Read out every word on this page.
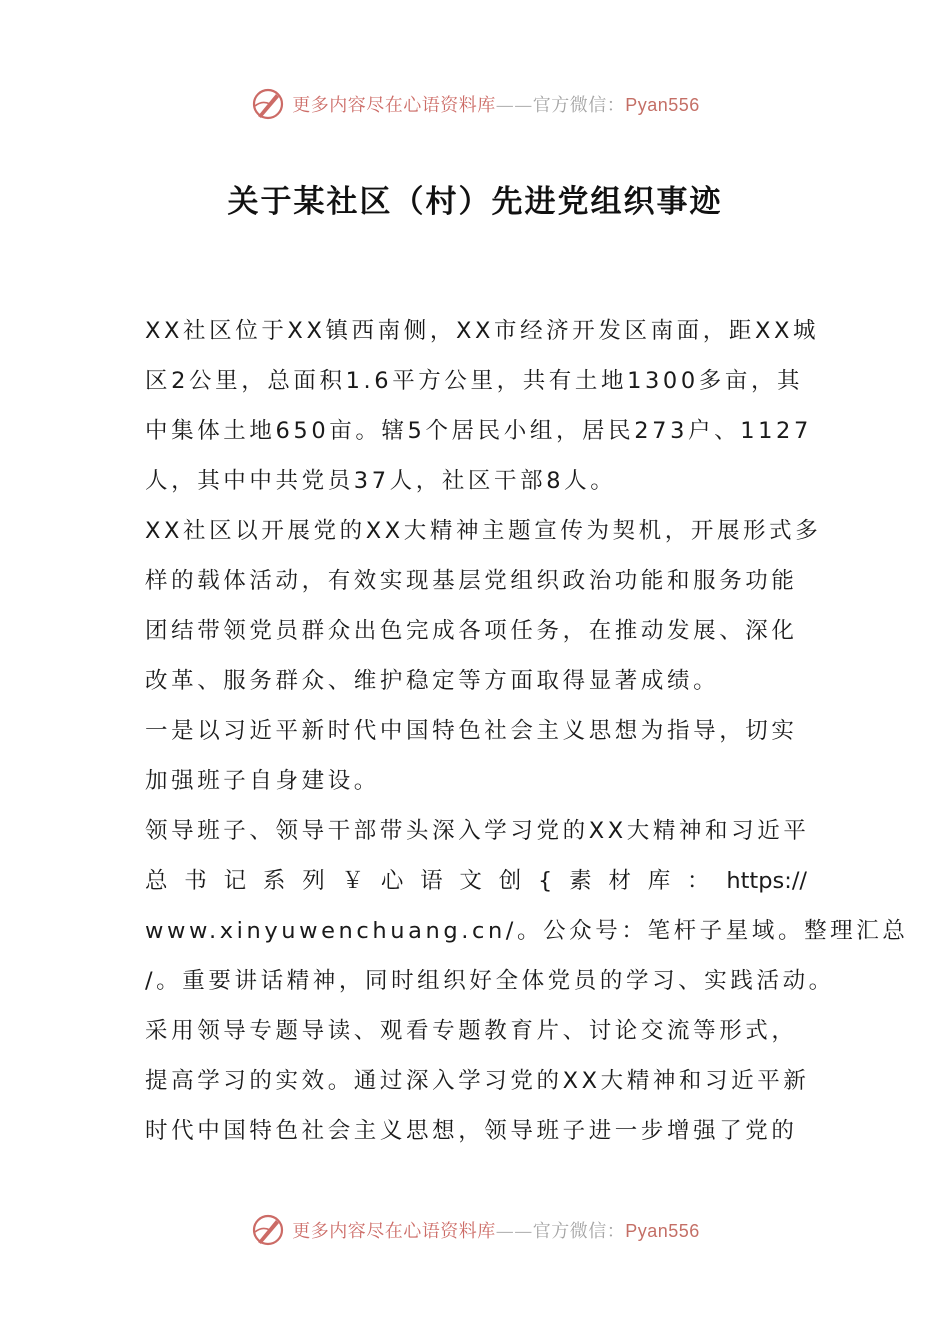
更多内容尽在心语资料库——官方微信：Pyan556
关于某社区（村）先进党组织事迹
XX社区位于XX镇西南侧，XX市经济开发区南面，距XX城
区2公里，总面积1.6平方公里，共有土地1300多亩，其
中集体土地650亩。辖5个居民小组，居民273户、1127
人，其中中共党员37人，社区干部8人。
XX社区以开展党的XX大精神主题宣传为契机，开展形式多
样的载体活动，有效实现基层党组织政治功能和服务功能
团结带领党员群众出色完成各项任务，在推动发展、深化
改革、服务群众、维护稳定等方面取得显著成绩。
一是以习近平新时代中国特色社会主义思想为指导，切实
加强班子自身建设。
领导班子、领导干部带头深入学习党的XX大精神和习近平
总书记系列￥心语文创{素材库：https://
www.xinyuwenchuang.cn/。公众号：笔杆子星域。整理汇总
/。重要讲话精神，同时组织好全体党员的学习、实践活动。
采用领导专题导读、观看专题教育片、讨论交流等形式，
提高学习的实效。通过深入学习党的XX大精神和习近平新
时代中国特色社会主义思想，领导班子进一步增强了党的
更多内容尽在心语资料库——官方微信：Pyan556
